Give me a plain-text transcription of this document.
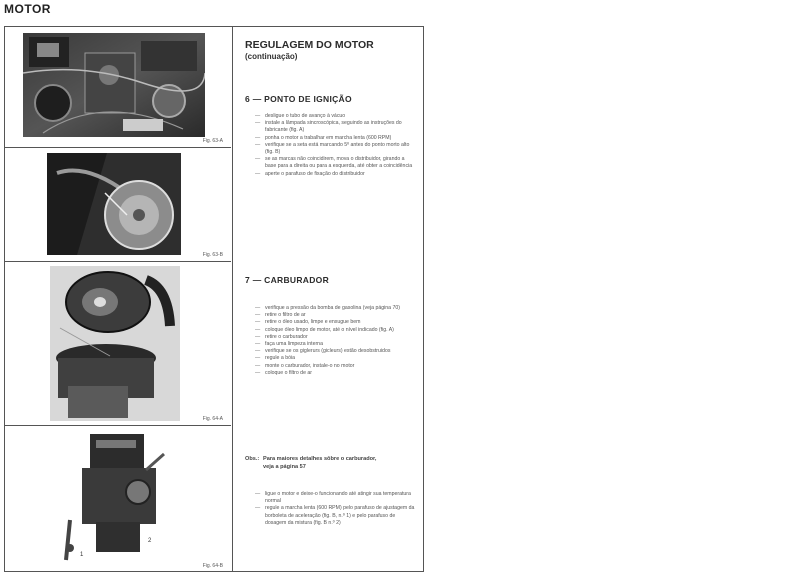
MOTOR
Fig. 63-A
Fig. 63-B
Fig. 64-A
1
2
Fig. 64-B
REGULAGEM DO MOTOR
(continuação)
6 — PONTO DE IGNIÇÃO
— desligue o tubo de avanço à vácuo
— instale a lâmpada sincroscópica, seguindo as instruções do fabricante (fig. A)
— ponha o motor a trabalhar em marcha lenta (600 RPM)
— verifique se a seta está marcando 5º antes do ponto morto alto (fig. B)
— se as marcas não coincidirem, mova o distribuidor, girando a base para a direita ou para a esquerda, até obter a coincidência
— aperte o parafuso de fixação do distribuidor
7 — CARBURADOR
— verifique a pressão da bomba de gasolina (veja página 70)
— retire o filtro de ar
— retire o óleo usado, limpe e enxugue bem
— coloque óleo limpo de motor, até o nível indicado (fig. A)
— retire o carburador
— faça uma limpeza interna
— verifique se os giglerurs (gicleurs) estão desobstruidos
— regule a bóia
— monte o carburador, instale-o no motor
— coloque o filtro de ar
Obs.: Para maiores detalhes sôbre o carburador,
veja a página 57
— ligue o motor e deixe-o funcionando até atingir sua temperatura normal
— regule a marcha lenta (600 RPM) pelo parafuso de ajustagem da borboleta de aceleração (fig. B, n.º 1) e pelo parafuso de dosagem da mistura (fig. B n.º 2)
